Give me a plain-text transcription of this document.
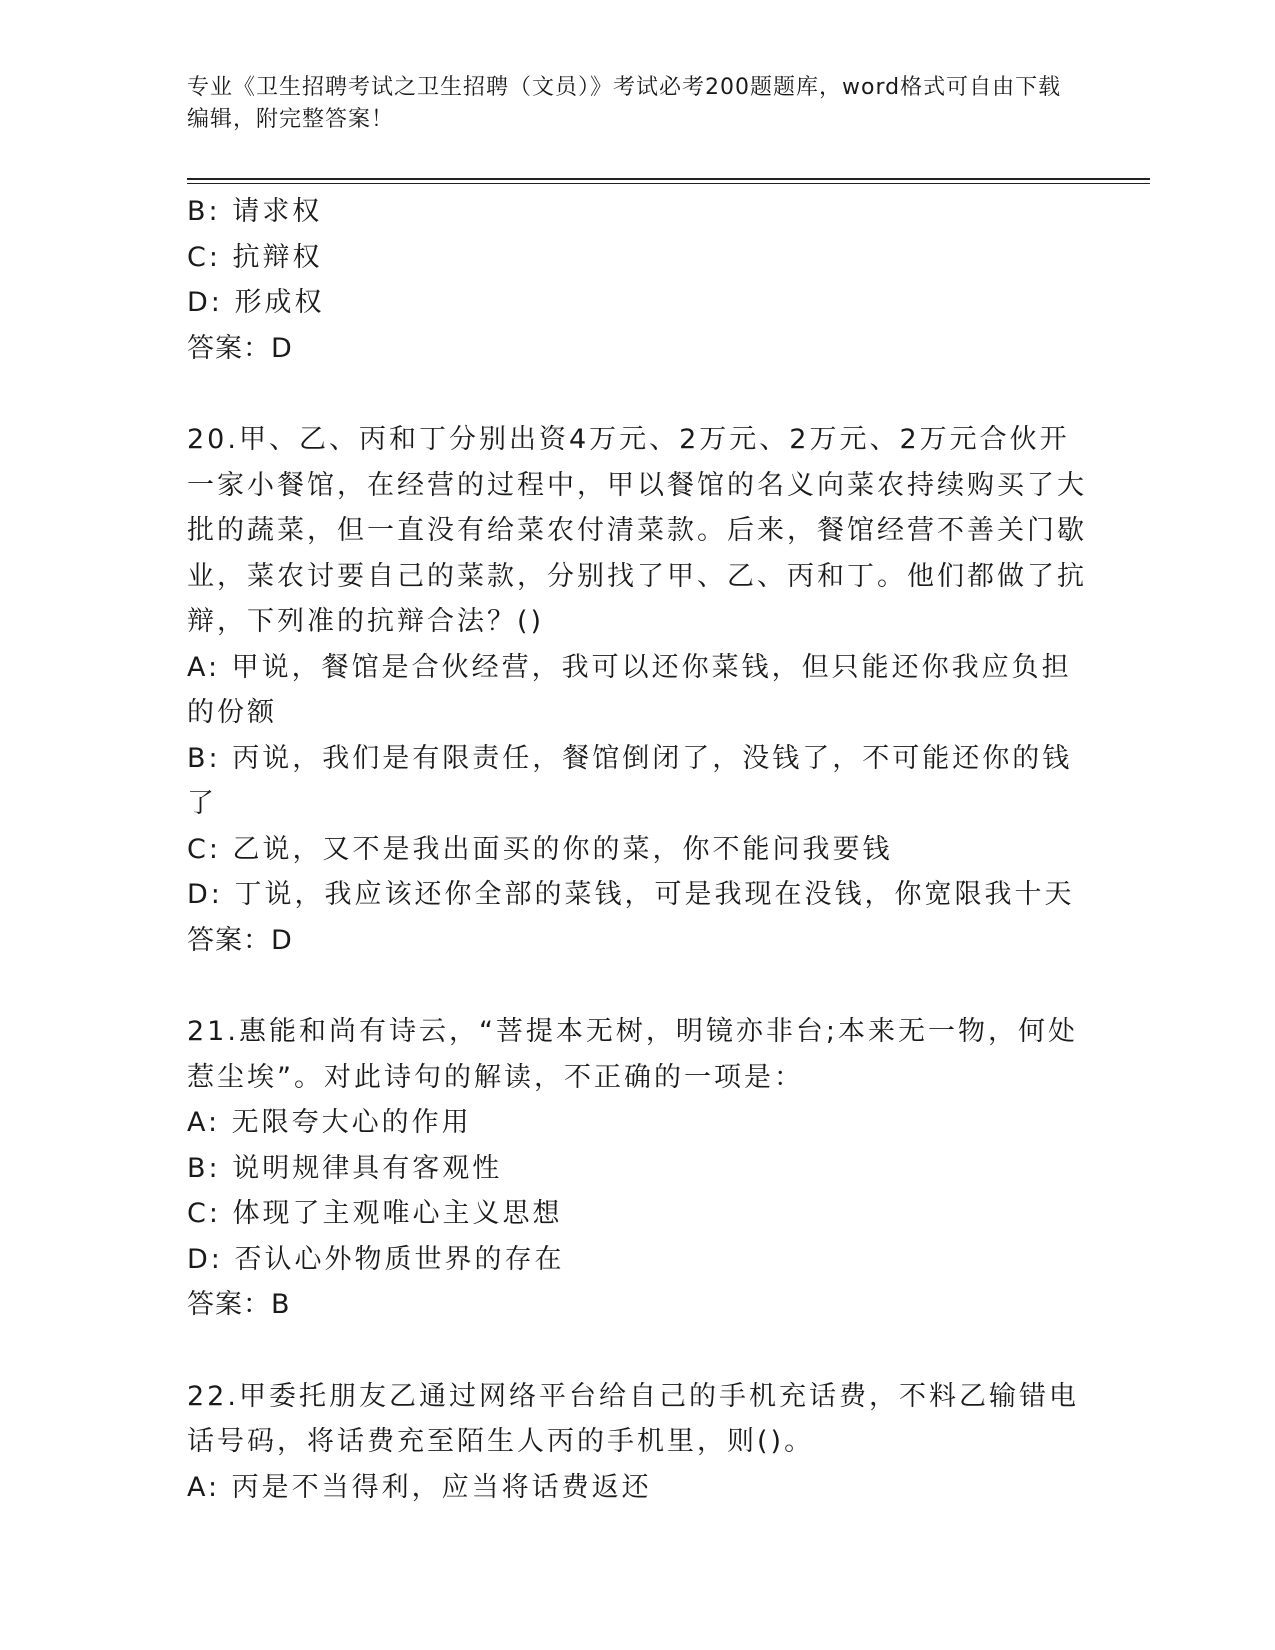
专业《卫生招聘考试之卫生招聘（文员）》考试必考200题题库，word格式可自由下载编辑，附完整答案！

B: 请求权

C: 抗辩权

D: 形成权

答案：D

20.甲、乙、丙和丁分别出资4万元、2万元、2万元、2万元合伙开一家小餐馆，在经营的过程中，甲以餐馆的名义向菜农持续购买了大批的蔬菜，但一直没有给菜农付清菜款。后来，餐馆经营不善关门歇业，菜农讨要自己的菜款，分别找了甲、乙、丙和丁。他们都做了抗辩，下列准的抗辩合法？()

A: 甲说，餐馆是合伙经营，我可以还你菜钱，但只能还你我应负担的份额

B: 丙说，我们是有限责任，餐馆倒闭了，没钱了，不可能还你的钱了

C: 乙说，又不是我出面买的你的菜，你不能问我要钱

D: 丁说，我应该还你全部的菜钱，可是我现在没钱，你宽限我十天

答案：D

21.惠能和尚有诗云，“菩提本无树，明镜亦非台;本来无一物，何处惹尘埃”。对此诗句的解读，不正确的一项是：

A: 无限夸大心的作用

B: 说明规律具有客观性

C: 体现了主观唯心主义思想

D: 否认心外物质世界的存在

答案：B

22.甲委托朋友乙通过网络平台给自己的手机充话费，不料乙输错电话号码，将话费充至陌生人丙的手机里，则()。

A: 丙是不当得利，应当将话费返还
